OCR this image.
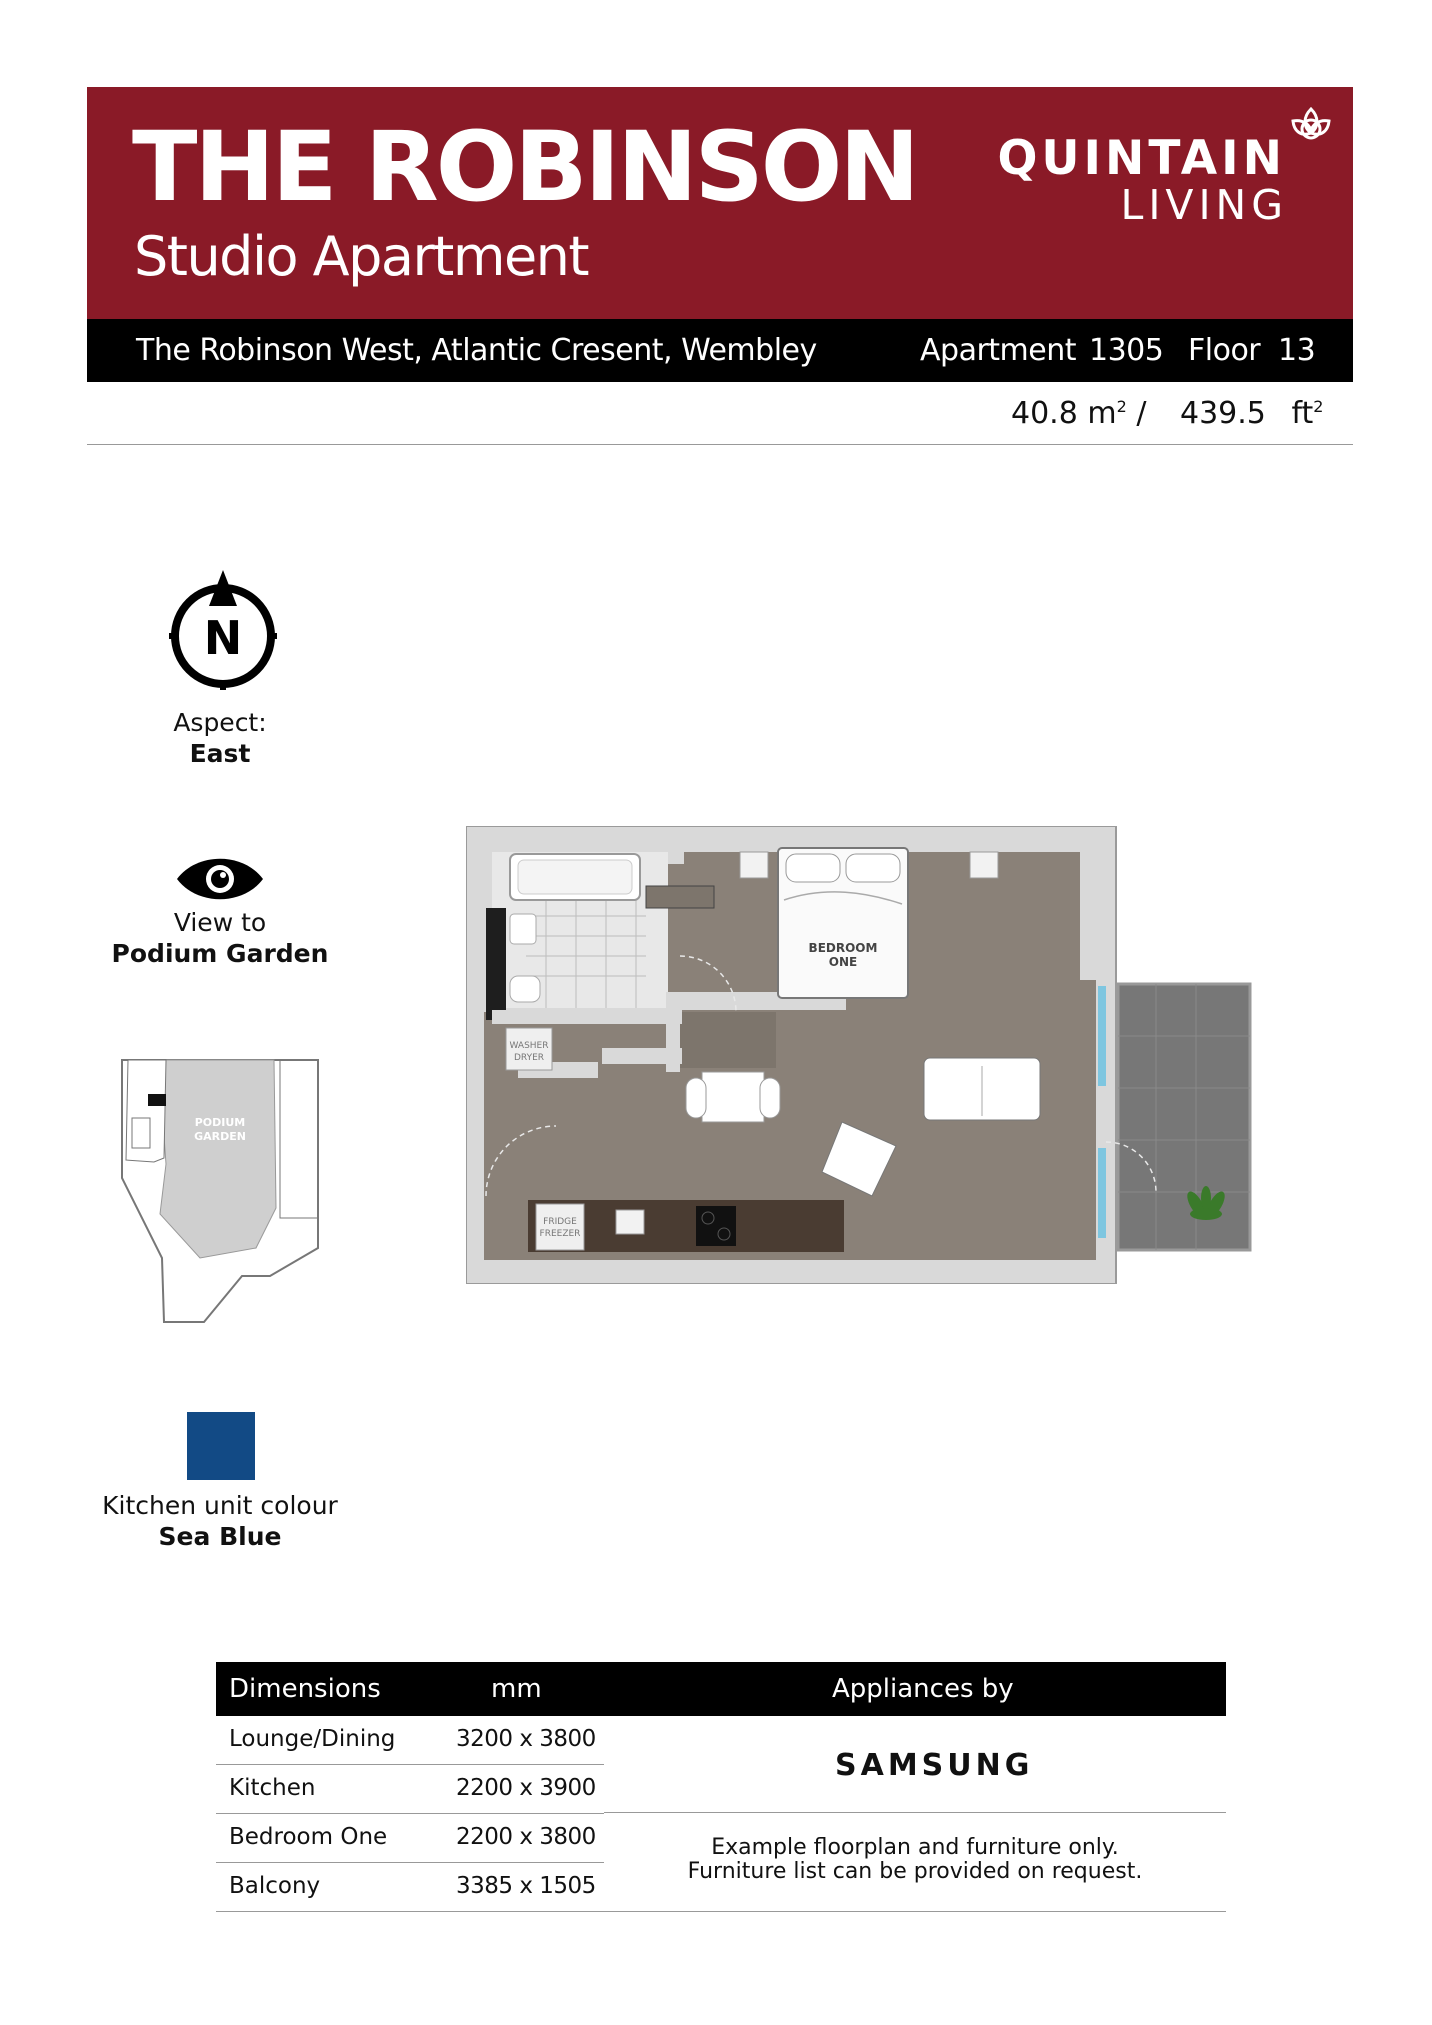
THE ROBINSON
Studio Apartment
QUINTAIN
LIVING
The Robinson West, Atlantic Cresent, Wembley	Apartment 1305 Floor 13
40.8 $m^2 / 439.5$ $ft^2$
N
Aspect:
East
View to
Podium Garden
PODIUM
GARDEN
Kitchen unit colour
Sea Blue
WASHER
DRYER
BEDROOM
ONE
FRIDGE
FREEZER
Dimensions	mm	Appliances by
Lounge/Dining	3200 x 3800
Kitchen	2200 x 3900
Bedroom One	2200 x 3800
Balcony	3385 x 1505
SAMSUNG
Example floorplan and furniture only.
Furniture list can be provided on request.
